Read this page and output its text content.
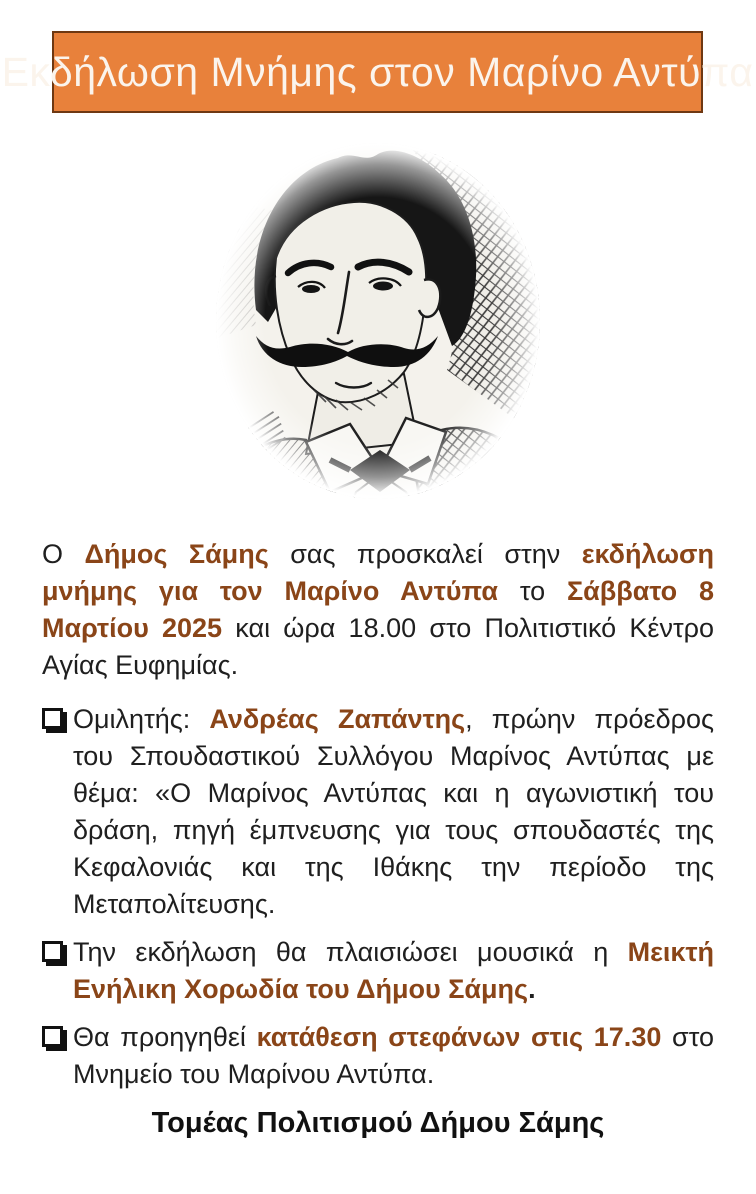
Εκδήλωση Μνήμης στον Μαρίνο Αντύπα

Ο Δήμος Σάμης σας προσκαλεί στην εκδήλωση μνήμης για τον Μαρίνο Αντύπα το Σάββατο 8 Μαρτίου 2025 και ώρα 18.00 στο Πολιτιστικό Κέντρο Αγίας Ευφημίας.

Ομιλητής: Ανδρέας Ζαπάντης, πρώην πρόεδρος του Σπουδαστικού Συλλόγου Μαρίνος Αντύπας με θέμα: «Ο Μαρίνος Αντύπας και η αγωνιστική του δράση, πηγή έμπνευσης για τους σπουδαστές της Κεφαλονιάς και της Ιθάκης την περίοδο της Μεταπολίτευσης.
Την εκδήλωση θα πλαισιώσει μουσικά η Μεικτή Ενήλικη Χορωδία του Δήμου Σάμης.
Θα προηγηθεί κατάθεση στεφάνων στις 17.30 στο Μνημείο του Μαρίνου Αντύπα.
Τομέας Πολιτισμού Δήμου Σάμης
